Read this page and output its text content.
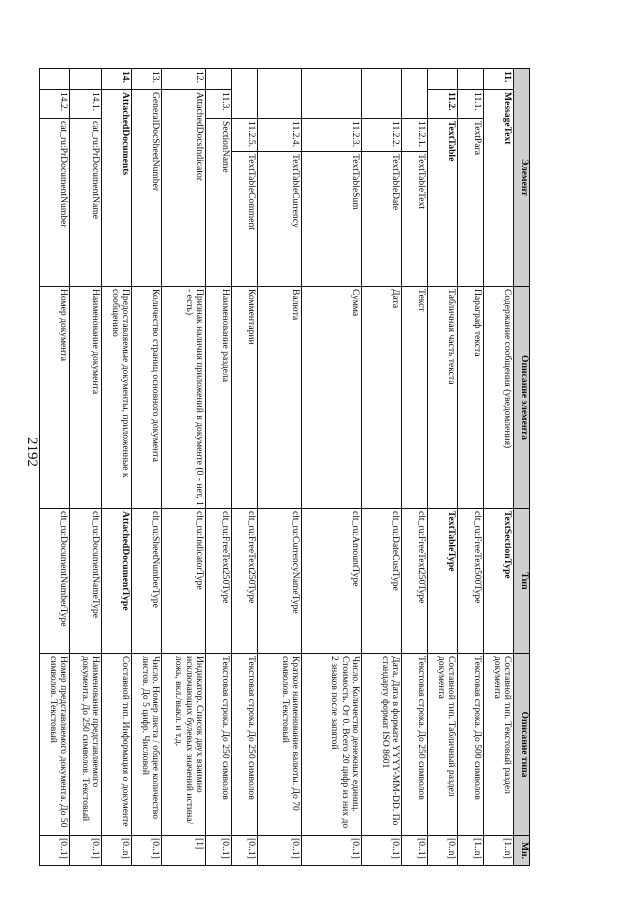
2192
Элемент				Описание элемента	Тип	Описание типа	Мн.
11.	MessageText			Содержание сообщения (уведомления)	TextSectionType	Составной тип. Текстовый раздел документа	[1..n]
	11.1.	TextPara		Параграф текста	clt_ru:FreeText500Type	Текстовая строка. До 500 символов	[1..n]
	11.2.	TextTable		Табличная часть текста	TextTableType	Составной тип. Табличный раздел документа	[0..n]
		11.2.1.	TextTableText	Текст	clt_ru:FreeText250Type	Текстовая строка. До 250 символов	[0..1]
		11.2.2.	TextTableDate	Дата	clt_ru:DateCustType	Дата. Дата в формате YYYY-MM-DD. По стандарту формат ISO 8601	[0..1]
		11.2.3.	TextTableSum	Сумма	clt_ru:AmountType	Число. Количество денежных единиц. Стоимость. От 0. Всего 20 цифр из них до 2 знаков после запятой	[0..1]
		11.2.4.	TextTableCurrency	Валюта	clt_ru:CurrencyNameType	Краткое наименование валюты. До 70 символов. Текстовый	[0..1]
		11.2.5.	TextTableComment	Комментарии	clt_ru:FreeText250Type	Текстовая строка. До 250 символов	[0..1]
	11.3.	SectionName		Наименование раздела	clt_ru:FreeText250Type	Текстовая строка. До 250 символов	[0..1]
12.	AttachedDocsIndicator			Признак наличия приложений в документе (0 - нет, 1 - есть)	clt_ru:IndicatorType	Индикатор. Список двух взаимно исключающих булевых значений истина/ложь, вкл./выкл. и т.д.	[1]
13.	GeneralDocSheetNumber			Количество страниц основного документа	clt_ru:SheetNumberType	Число. Номер листа / общее количество листов. До 5 цифр. Числовой	[0..1]
14.	AttachedDocuments			Предоставляемые документы, приложенные к сообщению	AttachedDocumentType	Составной тип. Информация о документе	[0..n]
	14.1.	cat_ru:PrDocumentName		Наименование документа	clt_ru:DocumentNameType	Наименование представляемого документа. До 250 символов. Текстовый	[0..1]
	14.2.	cat_ru:PrDocumentNumber		Номер документа	clt_ru:DocumentNumberType	Номер представляемого документа. До 50 символов. Текстовый	[0..1]
